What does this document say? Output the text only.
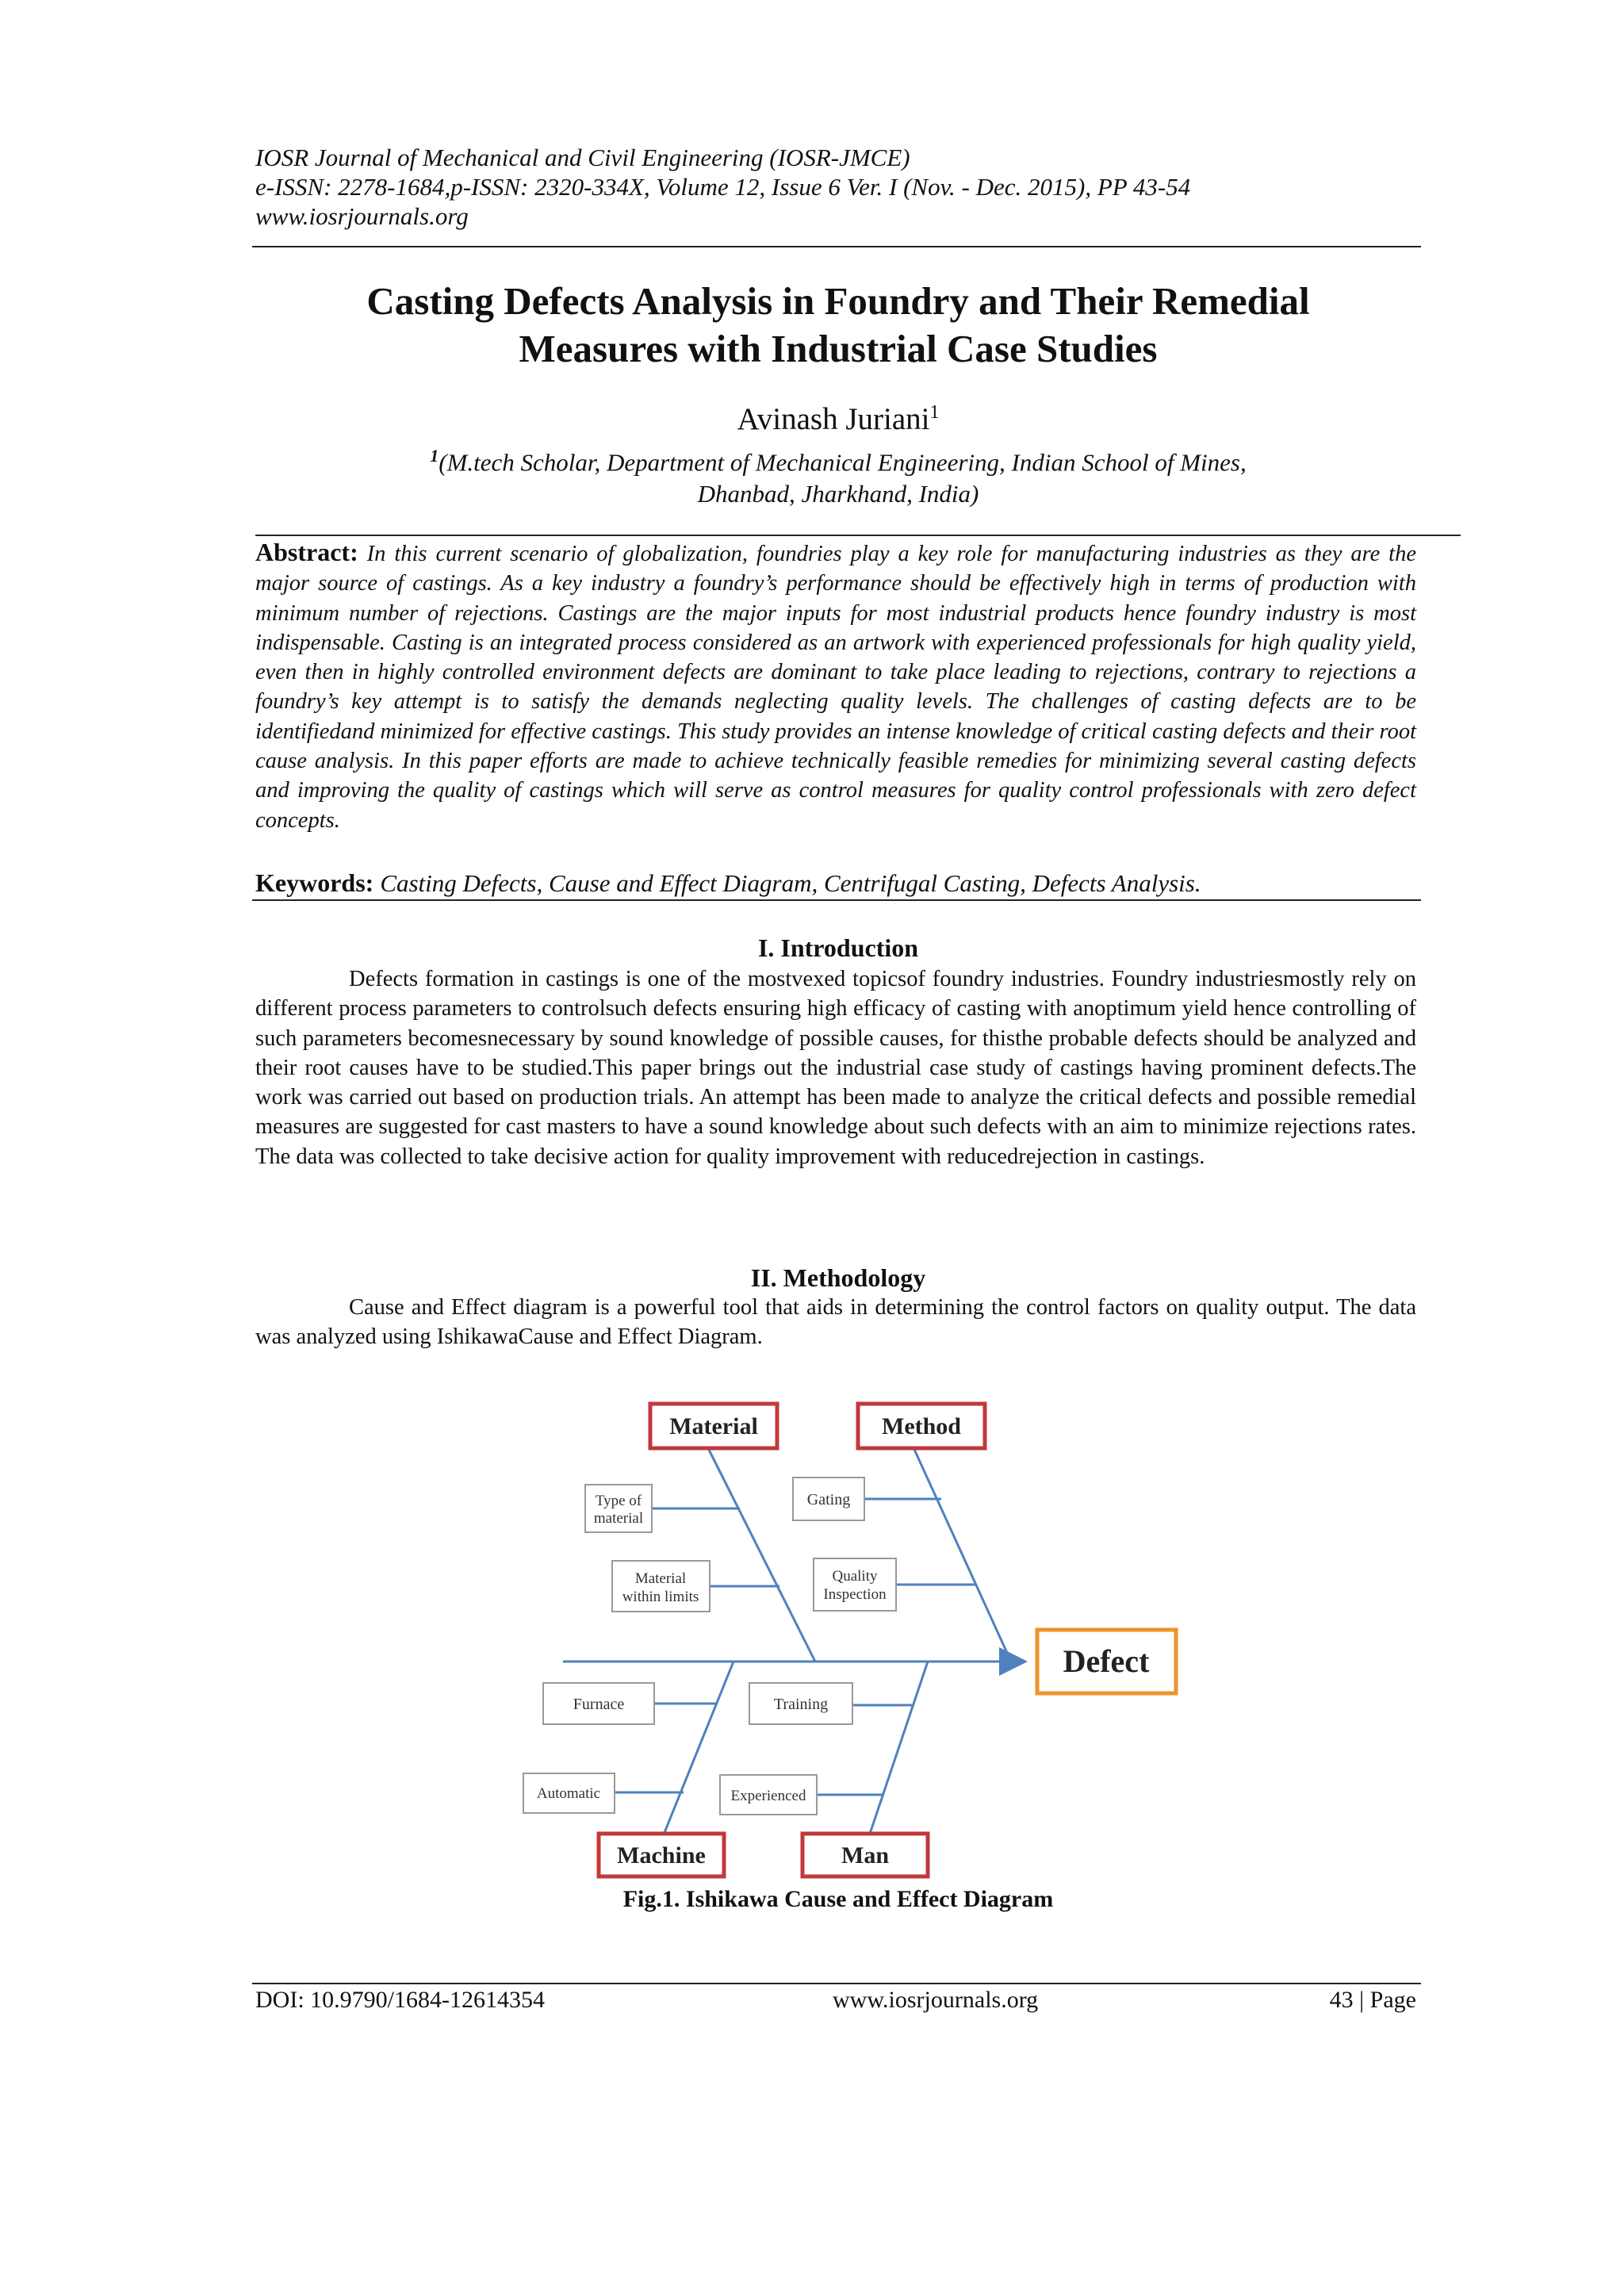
IOSR Journal of Mechanical and Civil Engineering (IOSR-JMCE)
e-ISSN: 2278-1684,p-ISSN: 2320-334X, Volume 12, Issue 6 Ver. I (Nov. - Dec. 2015), PP 43-54
www.iosrjournals.org
Casting Defects Analysis in Foundry and Their Remedial
Measures with Industrial Case Studies
Avinash Juriani$^1$
$^1$(M.tech Scholar, Department of Mechanical Engineering, Indian School of Mines,
Dhanbad, Jharkhand, India)
Abstract: In this current scenario of globalization, foundries play a key role for manufacturing industries as they are the major source of castings. As a key industry a foundry’s performance should be effectively high in terms of production with minimum number of rejections. Castings are the major inputs for most industrial products hence foundry industry is most indispensable. Casting is an integrated process considered as an artwork with experienced professionals for high quality yield, even then in highly controlled environment defects are dominant to take place leading to rejections, contrary to rejections a foundry’s key attempt is to satisfy the demands neglecting quality levels. The challenges of casting defects are to be identifiedand minimized for effective castings. This study provides an intense knowledge of critical casting defects and their root cause analysis. In this paper efforts are made to achieve technically feasible remedies for minimizing several casting defects and improving the quality of castings which will serve as control measures for quality control professionals with zero defect concepts.
Keywords: Casting Defects, Cause and Effect Diagram, Centrifugal Casting, Defects Analysis.
I. Introduction
Defects formation in castings is one of the mostvexed topicsof foundry industries. Foundry industriesmostly rely on different process parameters to controlsuch defects ensuring high efficacy of casting with anoptimum yield hence controlling of such parameters becomesnecessary by sound knowledge of possible causes, for thisthe probable defects should be analyzed and their root causes have to be studied.This paper brings out the industrial case study of castings having prominent defects.The work was carried out based on production trials. An attempt has been made to analyze the critical defects and possible remedial measures are suggested for cast masters to have a sound knowledge about such defects with an aim to minimize rejections rates. The data was collected to take decisive action for quality improvement with reducedrejection in castings.
II. Methodology
Cause and Effect diagram is a powerful tool that aids in determining the control factors on quality output. The data was analyzed using IshikawaCause and Effect Diagram.
Material	Method
Machine	Man
Defect
Type of
material
Material
within limits
Gating
Quality
Inspection
Furnace
Automatic
Training
Experienced
Fig.1. Ishikawa Cause and Effect Diagram
DOI: 10.9790/1684-12614354	www.iosrjournals.org	43 | Page
